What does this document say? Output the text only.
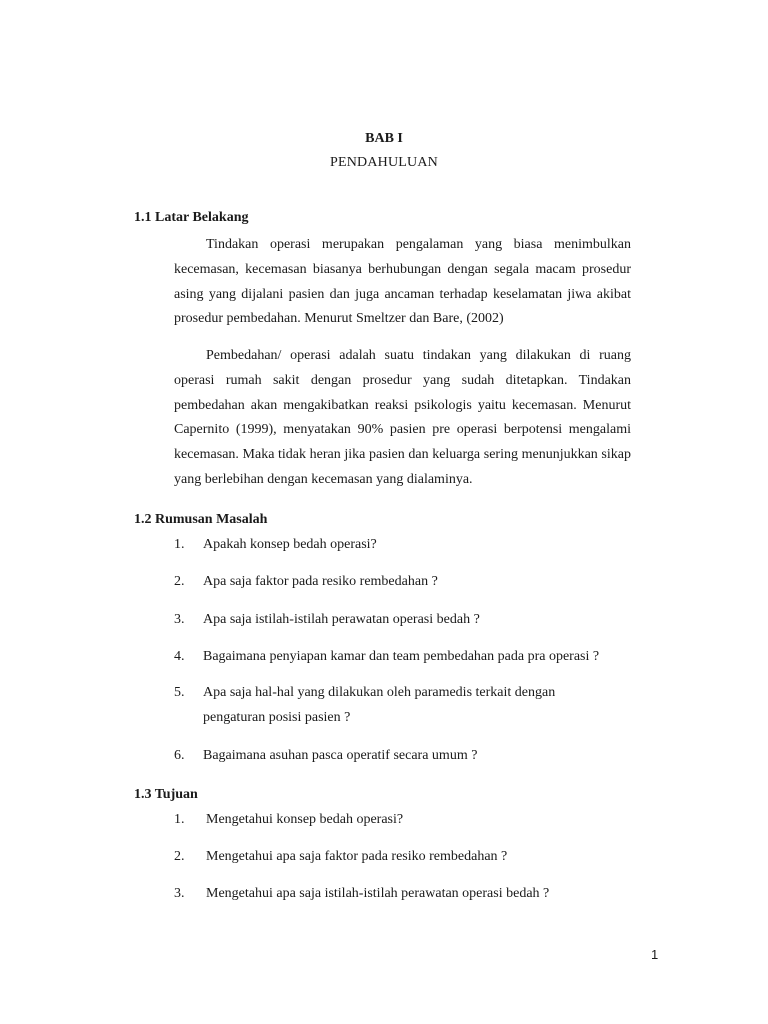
BAB I
PENDAHULUAN
1.1 Latar Belakang

Tindakan operasi merupakan pengalaman yang biasa menimbulkan kecemasan, kecemasan biasanya berhubungan dengan segala macam prosedur asing yang dijalani pasien dan juga ancaman terhadap keselamatan jiwa akibat prosedur pembedahan. Menurut Smeltzer dan Bare, (2002)

Pembedahan/ operasi adalah suatu tindakan yang dilakukan di ruang operasi rumah sakit dengan prosedur yang sudah ditetapkan. Tindakan pembedahan akan mengakibatkan reaksi psikologis yaitu kecemasan. Menurut Capernito (1999), menyatakan 90% pasien pre operasi berpotensi mengalami kecemasan. Maka tidak heran jika pasien dan keluarga sering menunjukkan sikap yang berlebihan dengan kecemasan yang dialaminya.

1.2 Rumusan Masalah
1. Apakah konsep bedah operasi?
2. Apa saja faktor pada resiko rembedahan ?
3. Apa saja istilah-istilah perawatan operasi bedah ?
4. Bagaimana penyiapan kamar dan team pembedahan pada pra operasi ?
5. Apa saja hal-hal yang dilakukan oleh paramedis terkait dengan
pengaturan posisi pasien ?
6. Bagaimana asuhan pasca operatif secara umum ?
1.3 Tujuan
1. Mengetahui konsep bedah operasi?
2. Mengetahui apa saja faktor pada resiko rembedahan ?
3. Mengetahui apa saja istilah-istilah perawatan operasi bedah ?
1
